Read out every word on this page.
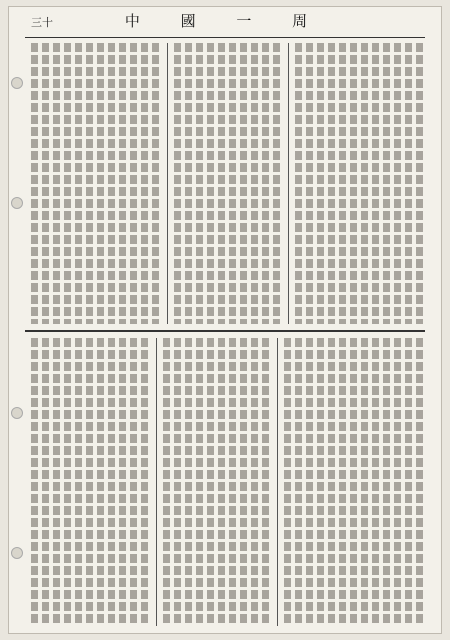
三十	中 國 一 周
